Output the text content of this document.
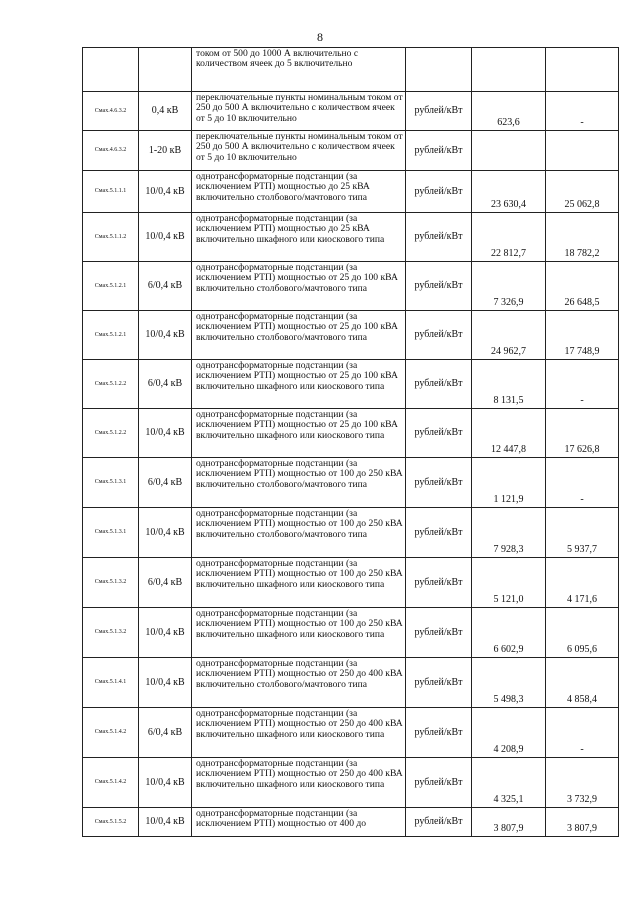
8
		током от 500 до 1000 А включительно с количеством ячеек до 5 включительно			
Смах.4.6.3.2	0,4 кВ	переключательные пункты номинальным током от 250 до 500 А включительно с количеством ячеек от 5 до 10 включительно	рублей/кВт	623,6	-
Смах.4.6.3.2	1-20 кВ	переключательные пункты номинальным током от 250 до 500 А включительно с количеством ячеек от 5 до 10 включительно	рублей/кВт		
Смах.5.1.1.1	10/0,4 кВ	однотрансформаторные подстанции (за исключением РТП) мощностью до 25 кВА включительно столбового/мачтового типа	рублей/кВт	23 630,4	25 062,8
Смах.5.1.1.2	10/0,4 кВ	однотрансформаторные подстанции (за исключением РТП) мощностью до 25 кВА включительно шкафного или киоскового типа	рублей/кВт	22 812,7	18 782,2
Смах.5.1.2.1	6/0,4 кВ	однотрансформаторные подстанции (за исключением РТП) мощностью от 25 до 100 кВА включительно столбового/мачтового типа	рублей/кВт	7 326,9	26 648,5
Смах.5.1.2.1	10/0,4 кВ	однотрансформаторные подстанции (за исключением РТП) мощностью от 25 до 100 кВА включительно столбового/мачтового типа	рублей/кВт	24 962,7	17 748,9
Смах.5.1.2.2	6/0,4 кВ	однотрансформаторные подстанции (за исключением РТП) мощностью от 25 до 100 кВА включительно шкафного или киоскового типа	рублей/кВт	8 131,5	-
Смах.5.1.2.2	10/0,4 кВ	однотрансформаторные подстанции (за исключением РТП) мощностью от 25 до 100 кВА включительно шкафного или киоскового типа	рублей/кВт	12 447,8	17 626,8
Смах.5.1.3.1	6/0,4 кВ	однотрансформаторные подстанции (за исключением РТП) мощностью от 100 до 250 кВА включительно столбового/мачтового типа	рублей/кВт	1 121,9	-
Смах.5.1.3.1	10/0,4 кВ	однотрансформаторные подстанции (за исключением РТП) мощностью от 100 до 250 кВА включительно столбового/мачтового типа	рублей/кВт	7 928,3	5 937,7
Смах.5.1.3.2	6/0,4 кВ	однотрансформаторные подстанции (за исключением РТП) мощностью от 100 до 250 кВА включительно шкафного или киоскового типа	рублей/кВт	5 121,0	4 171,6
Смах.5.1.3.2	10/0,4 кВ	однотрансформаторные подстанции (за исключением РТП) мощностью от 100 до 250 кВА включительно шкафного или киоскового типа	рублей/кВт	6 602,9	6 095,6
Смах.5.1.4.1	10/0,4 кВ	однотрансформаторные подстанции (за исключением РТП) мощностью от 250 до 400 кВА включительно столбового/мачтового типа	рублей/кВт	5 498,3	4 858,4
Смах.5.1.4.2	6/0,4 кВ	однотрансформаторные подстанции (за исключением РТП) мощностью от 250 до 400 кВА включительно шкафного или киоскового типа	рублей/кВт	4 208,9	-
Смах.5.1.4.2	10/0,4 кВ	однотрансформаторные подстанции (за исключением РТП) мощностью от 250 до 400 кВА включительно шкафного или киоскового типа	рублей/кВт	4 325,1	3 732,9
Смах.5.1.5.2	10/0,4 кВ	однотрансформаторные подстанции (за исключением РТП) мощностью от 400 до	рублей/кВт	3 807,9	3 807,9
